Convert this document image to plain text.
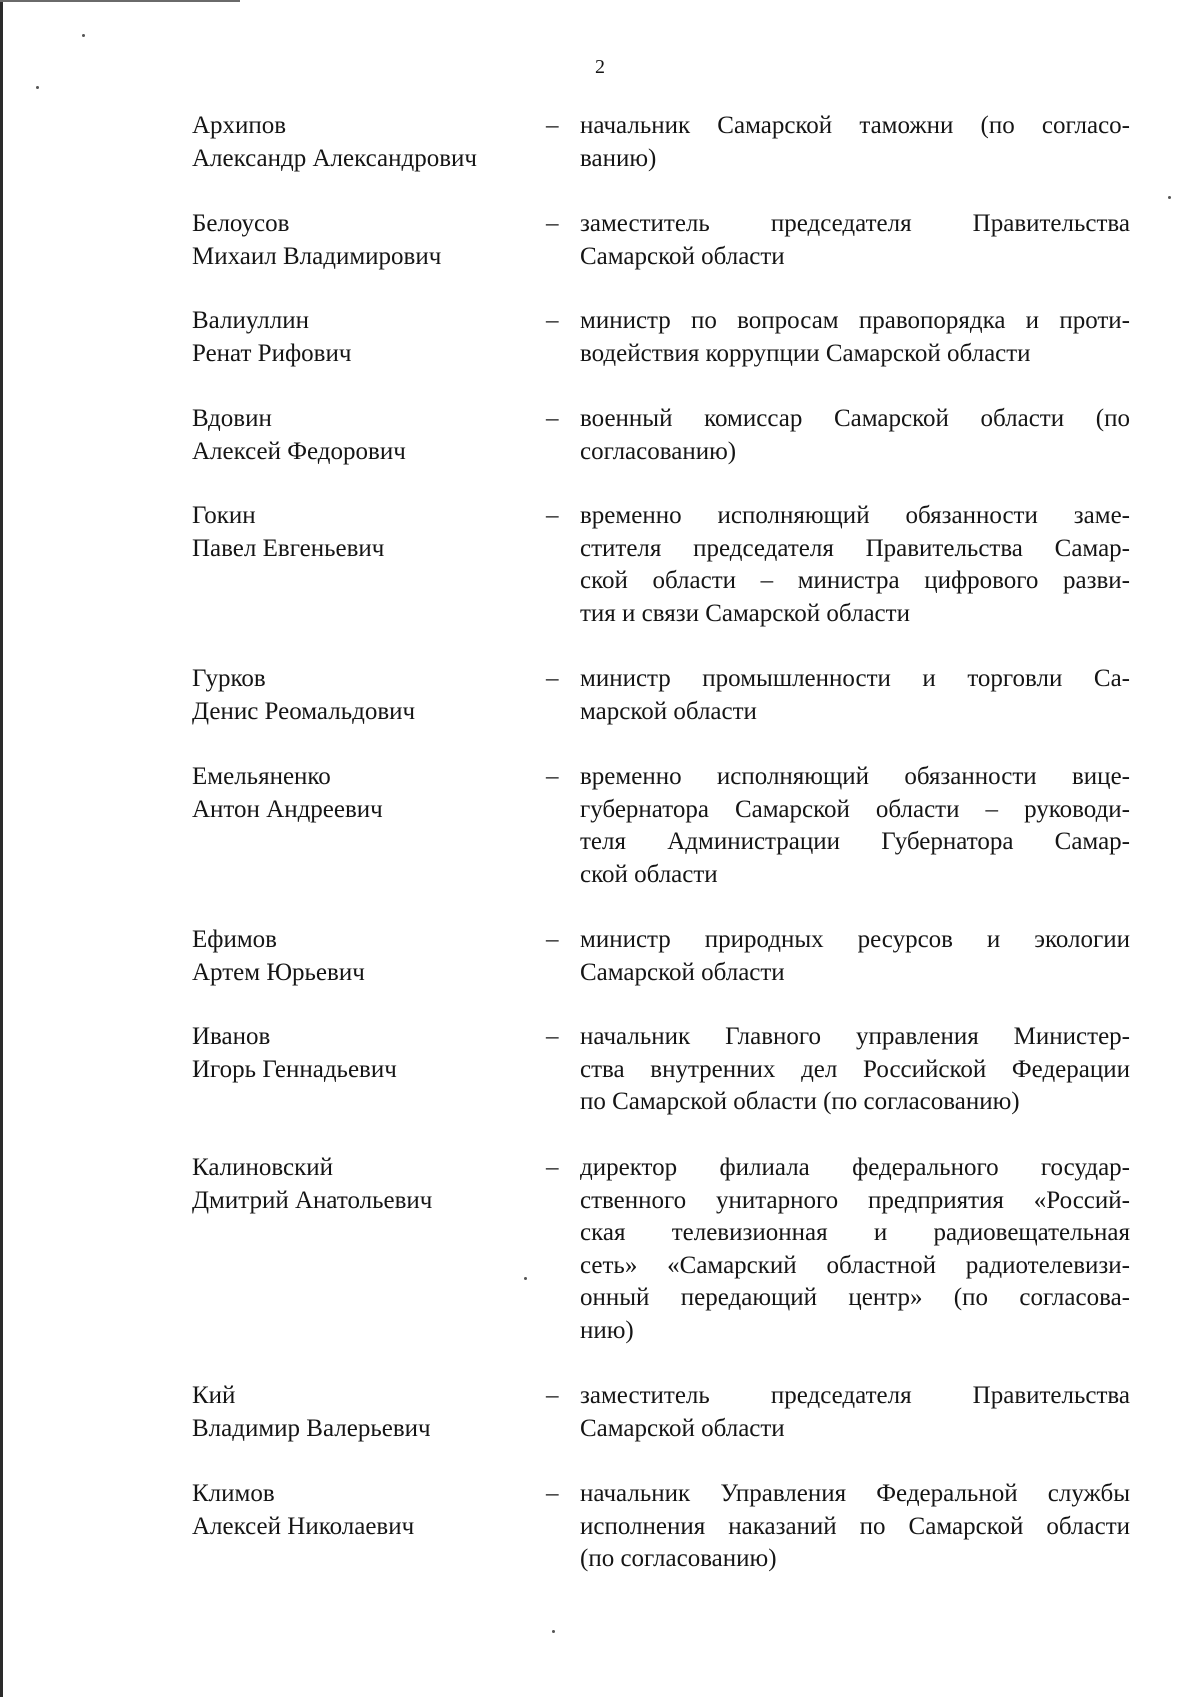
2
Архипов
Александр Александрович
– начальник Самарской таможни (по согласо-
ванию)
Белоусов
Михаил Владимирович
– заместитель председателя Правительства
Самарской области
Валиуллин
Ренат Рифович
– министр по вопросам правопорядка и проти-
водействия коррупции Самарской области
Вдовин
Алексей Федорович
– военный комиссар Самарской области (по
согласованию)
Гокин
Павел Евгеньевич
– временно исполняющий обязанности заме-
стителя председателя Правительства Самар-
ской области – министра цифрового разви-
тия и связи Самарской области
Гурков
Денис Реомальдович
– министр промышленности и торговли Са-
марской области
Емельяненко
Антон Андреевич
– временно исполняющий обязанности вице-
губернатора Самарской области – руководи-
теля Администрации Губернатора Самар-
ской области
Ефимов
Артем Юрьевич
– министр природных ресурсов и экологии
Самарской области
Иванов
Игорь Геннадьевич
– начальник Главного управления Министер-
ства внутренних дел Российской Федерации
по Самарской области (по согласованию)
Калиновский
Дмитрий Анатольевич
– директор филиала федерального государ-
ственного унитарного предприятия «Россий-
ская телевизионная и радиовещательная
сеть» «Самарский областной радиотелевизи-
онный передающий центр» (по согласова-
нию)
Кий
Владимир Валерьевич
– заместитель председателя Правительства
Самарской области
Климов
Алексей Николаевич
– начальник Управления Федеральной службы
исполнения наказаний по Самарской области
(по согласованию)
